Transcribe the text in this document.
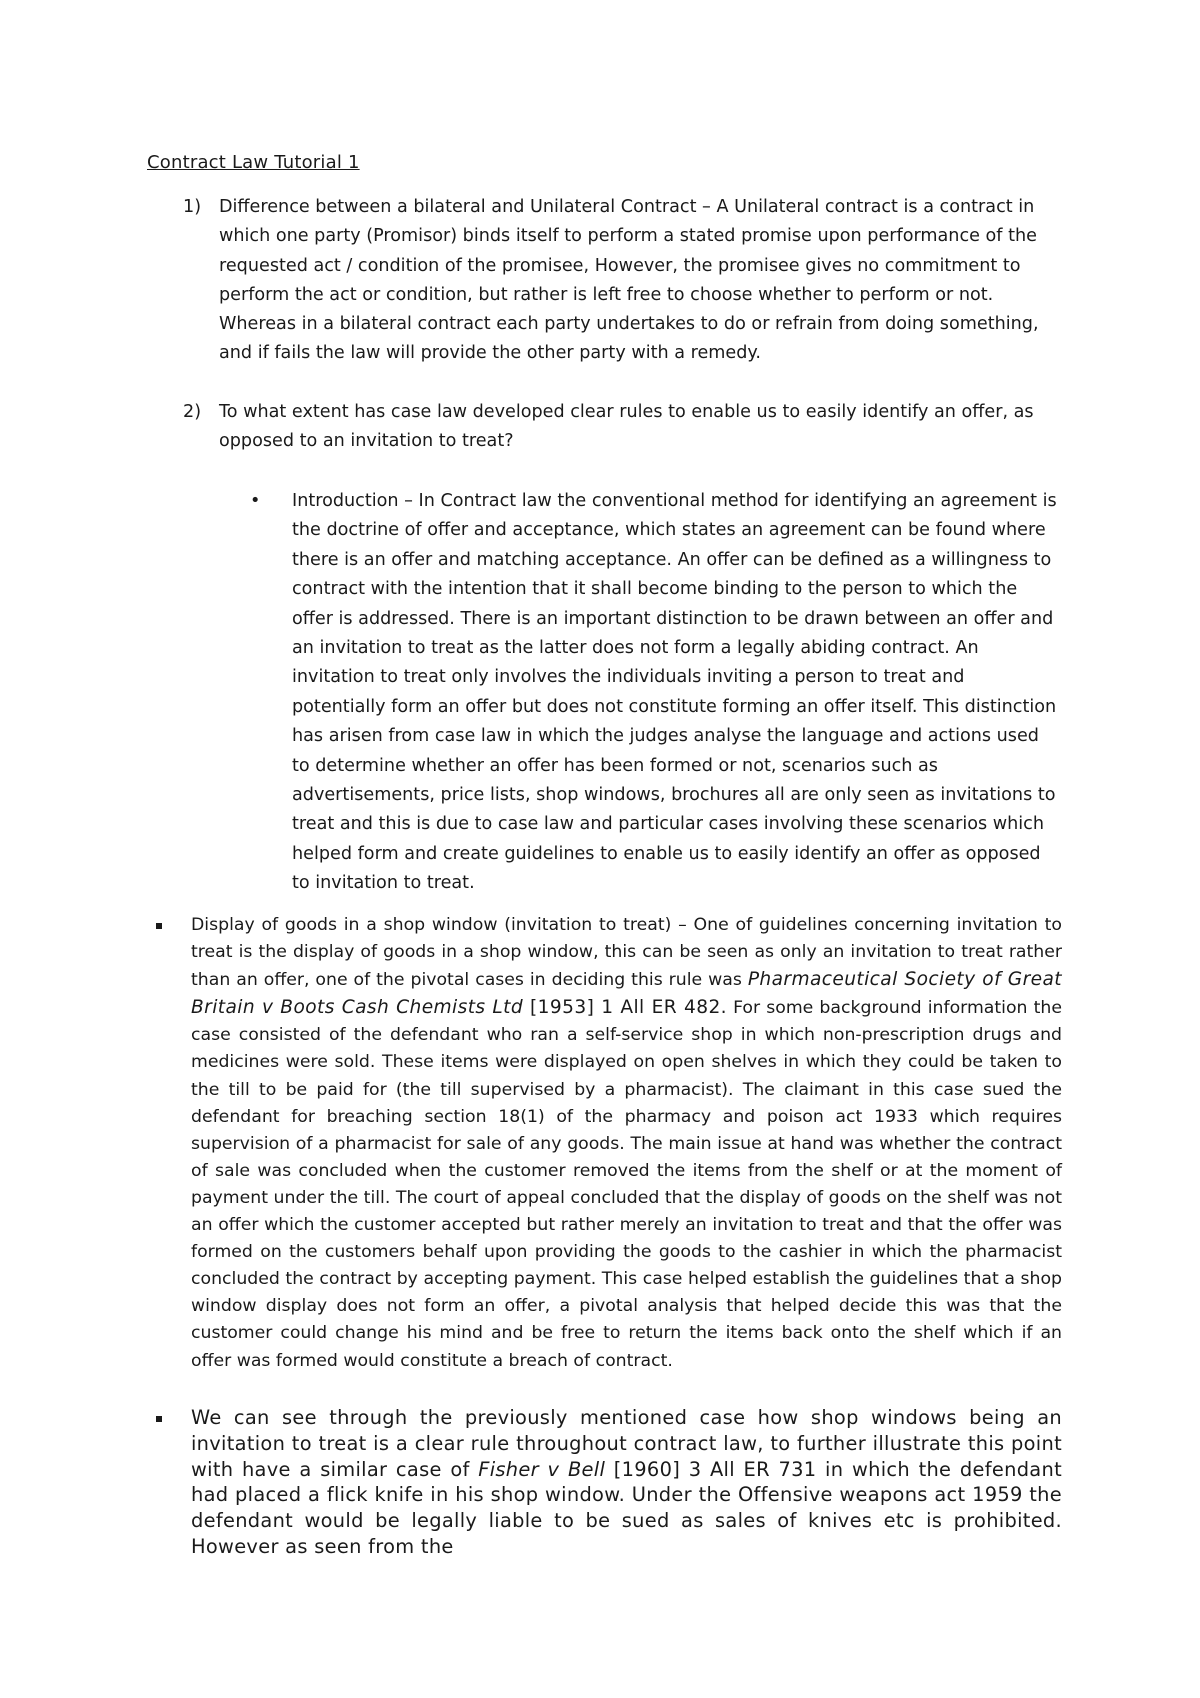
Contract Law Tutorial 1
1) Difference between a bilateral and Unilateral Contract – A Unilateral contract is a contract in which one party (Promisor) binds itself to perform a stated promise upon performance of the requested act / condition of the promisee, However, the promisee gives no commitment to perform the act or condition, but rather is left free to choose whether to perform or not. Whereas in a bilateral contract each party undertakes to do or refrain from doing something, and if fails the law will provide the other party with a remedy.
2) To what extent has case law developed clear rules to enable us to easily identify an offer, as opposed to an invitation to treat?
• Introduction – In Contract law the conventional method for identifying an agreement is the doctrine of offer and acceptance, which states an agreement can be found where there is an offer and matching acceptance. An offer can be defined as a willingness to contract with the intention that it shall become binding to the person to which the offer is addressed. There is an important distinction to be drawn between an offer and an invitation to treat as the latter does not form a legally abiding contract. An invitation to treat only involves the individuals inviting a person to treat and potentially form an offer but does not constitute forming an offer itself. This distinction has arisen from case law in which the judges analyse the language and actions used to determine whether an offer has been formed or not, scenarios such as advertisements, price lists, shop windows, brochures all are only seen as invitations to treat and this is due to case law and particular cases involving these scenarios which helped form and create guidelines to enable us to easily identify an offer as opposed to invitation to treat.
Display of goods in a shop window (invitation to treat) – One of guidelines concerning invitation to treat is the display of goods in a shop window, this can be seen as only an invitation to treat rather than an offer, one of the pivotal cases in deciding this rule was Pharmaceutical Society of Great Britain v Boots Cash Chemists Ltd [1953] 1 All ER 482. For some background information the case consisted of the defendant who ran a self-service shop in which non-prescription drugs and medicines were sold. These items were displayed on open shelves in which they could be taken to the till to be paid for (the till supervised by a pharmacist). The claimant in this case sued the defendant for breaching section 18(1) of the pharmacy and poison act 1933 which requires supervision of a pharmacist for sale of any goods. The main issue at hand was whether the contract of sale was concluded when the customer removed the items from the shelf or at the moment of payment under the till. The court of appeal concluded that the display of goods on the shelf was not an offer which the customer accepted but rather merely an invitation to treat and that the offer was formed on the customers behalf upon providing the goods to the cashier in which the pharmacist concluded the contract by accepting payment. This case helped establish the guidelines that a shop window display does not form an offer, a pivotal analysis that helped decide this was that the customer could change his mind and be free to return the items back onto the shelf which if an offer was formed would constitute a breach of contract.
We can see through the previously mentioned case how shop windows being an invitation to treat is a clear rule throughout contract law, to further illustrate this point with have a similar case of Fisher v Bell [1960] 3 All ER 731 in which the defendant had placed a flick knife in his shop window. Under the Offensive weapons act 1959 the defendant would be legally liable to be sued as sales of knives etc is prohibited. However as seen from the
